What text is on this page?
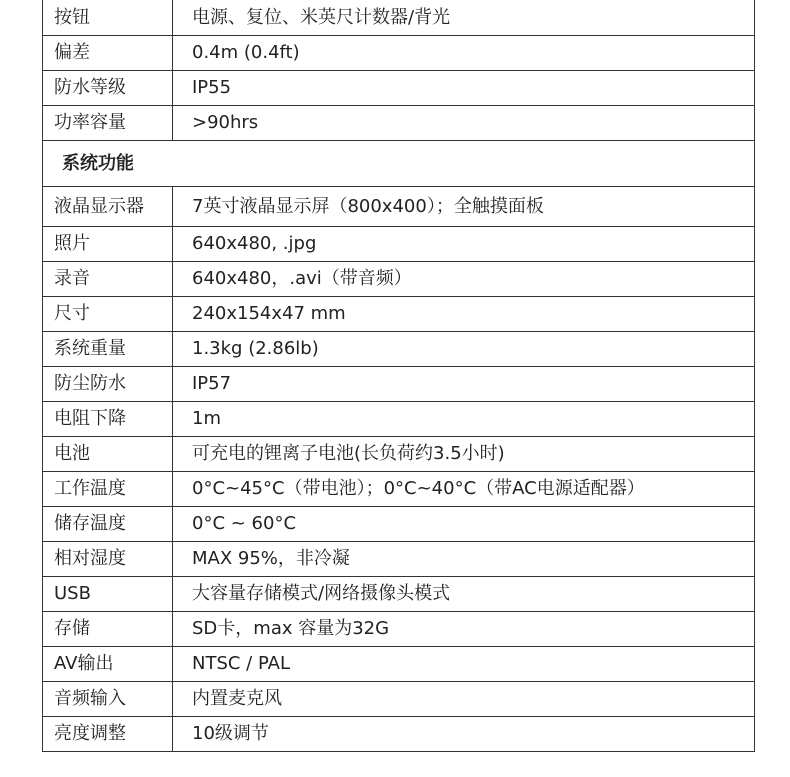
按钮	电源、复位、米英尺计数器/背光
偏差	0.4m (0.4ft)
防水等级	IP55
功率容量	>90hrs
系统功能	
液晶显示器	7英寸液晶显示屏（800x400）；全触摸面板
照片	640x480, .jpg
录音	640x480，.avi（带音频）
尺寸	240x154x47 mm
系统重量	1.3kg (2.86lb)
防尘防水	IP57
电阻下降	1m
电池	可充电的锂离子电池(长负荷约3.5小时)
工作温度	0°C~45°C（带电池）；0°C~40°C（带AC电源适配器）
储存温度	0°C ~ 60°C
相对湿度	MAX 95%，非冷凝
USB	大容量存储模式/网络摄像头模式
存储	SD卡，max 容量为32G
AV输出	NTSC / PAL
音频输入	内置麦克风
亮度调整	10级调节
